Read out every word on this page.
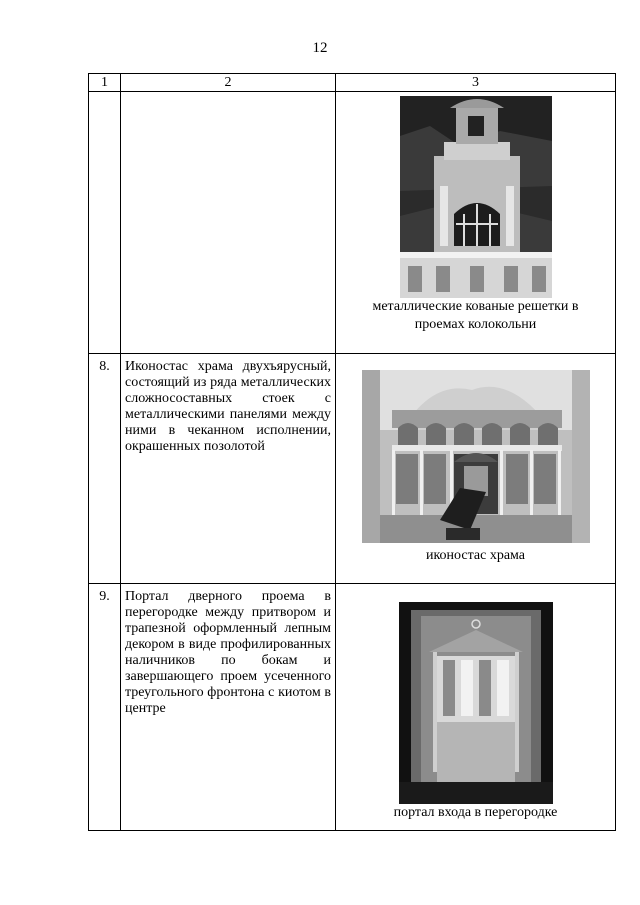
12
1	2	3

		металлические кованые решетки в
проемах колокольни

8.	Иконостас храма двухъярусный, состоящий из ряда металлических сложносоставных стоек с металлическими панелями между ними в чеканном исполнении, окрашенных позолотой	иконостас храма

9.	Портал дверного проема в перегородке между притвором и трапезной оформленный лепным декором в виде профилированных наличников по бокам и завершающего проем усеченного треугольного фронтона с киотом в центре	портал входа в перегородке
